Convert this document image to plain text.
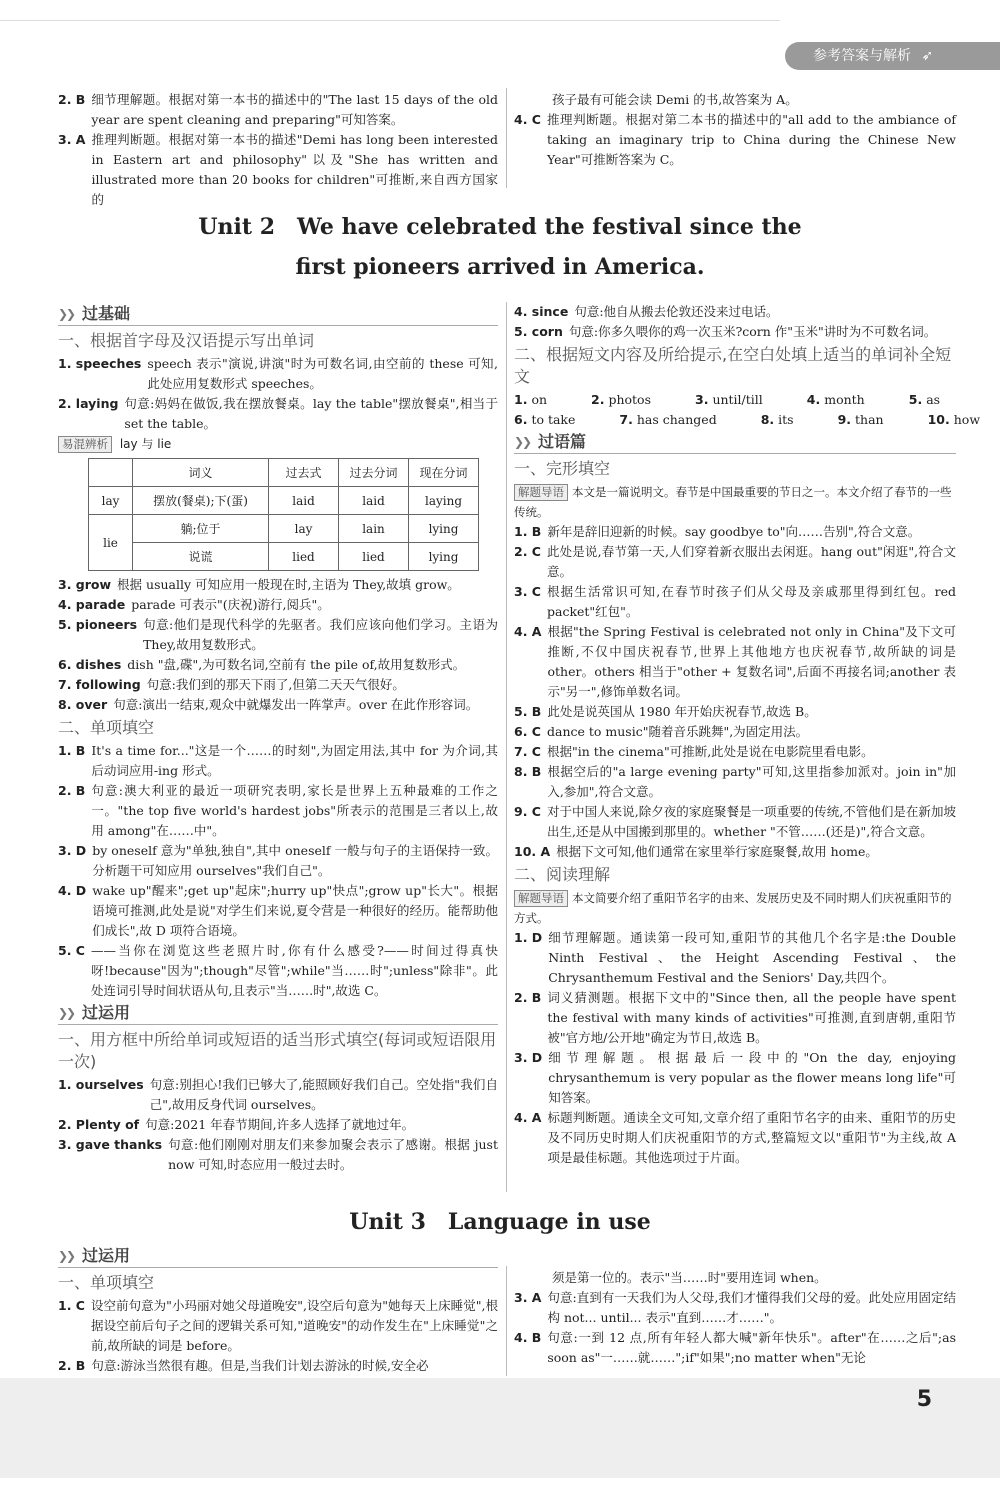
参考答案与解析 ➶
2. B 细节理解题。根据对第一本书的描述中的"The last 15 days of the old year are spent cleaning and preparing"可知答案。
3. A 推理判断题。根据对第一本书的描述"Demi has long been interested in Eastern art and philosophy"以及"She has written and illustrated more than 20 books for children"可推断,来自西方国家的
孩子最有可能会读 Demi 的书,故答案为 A。
4. C 推理判断题。根据对第二本书的描述中的"all add to the ambiance of taking an imaginary trip to China during the Chinese New Year"可推断答案为 C。
Unit 2　We have celebrated the festival since the
first pioneers arrived in America.
❯❯ 过基础
一、根据首字母及汉语提示写出单词
1. speeches speech 表示"演说,讲演"时为可数名词,由空前的 these 可知,此处应用复数形式 speeches。
2. laying 句意:妈妈在做饭,我在摆放餐桌。lay the table"摆放餐桌",相当于 set the table。
易混辨析 lay 与 lie
	词义	过去式	过去分词	现在分词
lay	摆放(餐桌);下(蛋)	laid	laid	laying
lie	躺;位于	lay	lain	lying
	说谎	lied	lied	lying
3. grow 根据 usually 可知应用一般现在时,主语为 They,故填 grow。
4. parade parade 可表示"(庆祝)游行,阅兵"。
5. pioneers 句意:他们是现代科学的先驱者。我们应该向他们学习。主语为 They,故用复数形式。
6. dishes dish "盘,碟",为可数名词,空前有 the pile of,故用复数形式。
7. following 句意:我们到的那天下雨了,但第二天天气很好。
8. over 句意:演出一结束,观众中就爆发出一阵掌声。over 在此作形容词。
二、单项填空
1. B It's a time for..."这是一个……的时刻",为固定用法,其中 for 为介词,其后动词应用-ing 形式。
2. B 句意:澳大利亚的最近一项研究表明,家长是世界上五种最难的工作之一。"the top five world's hardest jobs"所表示的范围是三者以上,故用 among"在……中"。
3. D by oneself 意为"单独,独自",其中 oneself 一般与句子的主语保持一致。分析题干可知应用 ourselves"我们自己"。
4. D wake up"醒来";get up"起床";hurry up"快点";grow up"长大"。根据语境可推测,此处是说"对学生们来说,夏令营是一种很好的经历。能帮助他们成长",故 D 项符合语境。
5. C ——当你在浏览这些老照片时,你有什么感受?——时间过得真快呀!because"因为";though"尽管";while"当……时";unless"除非"。此处连词引导时间状语从句,且表示"当……时",故选 C。
❯❯ 过运用
一、用方框中所给单词或短语的适当形式填空(每词或短语限用一次)
1. ourselves 句意:别担心!我们已够大了,能照顾好我们自己。空处指"我们自己",故用反身代词 ourselves。
2. Plenty of 句意:2021 年春节期间,许多人选择了就地过年。
3. gave thanks 句意:他们刚刚对朋友们来参加聚会表示了感谢。根据 just now 可知,时态应用一般过去时。
4. since 句意:他自从搬去伦敦还没来过电话。
5. corn 句意:你多久喂你的鸡一次玉米?corn 作"玉米"讲时为不可数名词。
二、根据短文内容及所给提示,在空白处填上适当的单词补全短文
1. on	2. photos	3. until/till	4. month	5. as
6. to take	7. has changed	8. its	9. than	10. how
❯❯ 过语篇
一、完形填空
解题导语 本文是一篇说明文。春节是中国最重要的节日之一。本文介绍了春节的一些传统。
1. B 新年是辞旧迎新的时候。say goodbye to"向……告别",符合文意。
2. C 此处是说,春节第一天,人们穿着新衣服出去闲逛。hang out"闲逛",符合文意。
3. C 根据生活常识可知,在春节时孩子们从父母及亲戚那里得到红包。red packet"红包"。
4. A 根据"the Spring Festival is celebrated not only in China"及下文可推断,不仅中国庆祝春节,世界上其他地方也庆祝春节,故所缺的词是 other。others 相当于"other + 复数名词",后面不再接名词;another 表示"另一",修饰单数名词。
5. B 此处是说英国从 1980 年开始庆祝春节,故选 B。
6. C dance to music"随着音乐跳舞",为固定用法。
7. C 根据"in the cinema"可推断,此处是说在电影院里看电影。
8. B 根据空后的"a large evening party"可知,这里指参加派对。join in"加入,参加",符合文意。
9. C 对于中国人来说,除夕夜的家庭聚餐是一项重要的传统,不管他们是在新加坡出生,还是从中国搬到那里的。whether "不管……(还是)",符合文意。
10. A 根据下文可知,他们通常在家里举行家庭聚餐,故用 home。
二、阅读理解
解题导语 本文简要介绍了重阳节名字的由来、发展历史及不同时期人们庆祝重阳节的方式。
1. D 细节理解题。通读第一段可知,重阳节的其他几个名字是:the Double Ninth Festival、the Height Ascending Festival、the Chrysanthemum Festival and the Seniors' Day,共四个。
2. B 词义猜测题。根据下文中的"Since then, all the people have spent the festival with many kinds of activities"可推测,直到唐朝,重阳节被"官方地/公开地"确定为节日,故选 B。
3. D 细节理解题。根据最后一段中的"On the day, enjoying chrysanthemum is very popular as the flower means long life"可知答案。
4. A 标题判断题。通读全文可知,文章介绍了重阳节名字的由来、重阳节的历史及不同历史时期人们庆祝重阳节的方式,整篇短文以"重阳节"为主线,故 A 项是最佳标题。其他选项过于片面。
Unit 3　Language in use
❯❯ 过运用
一、单项填空
1. C 设空前句意为"小玛丽对她父母道晚安",设空后句意为"她每天上床睡觉",根据设空前后句子之间的逻辑关系可知,"道晚安"的动作发生在"上床睡觉"之前,故所缺的词是 before。
2. B 句意:游泳当然很有趣。但是,当我们计划去游泳的时候,安全必
须是第一位的。表示"当……时"要用连词 when。
3. A 句意:直到有一天我们为人父母,我们才懂得我们父母的爱。此处应用固定结构 not... until... 表示"直到……才……"。
4. B 句意:一到 12 点,所有年轻人都大喊"新年快乐"。after"在……之后";as soon as"一……就……";if"如果";no matter when"无论
5
